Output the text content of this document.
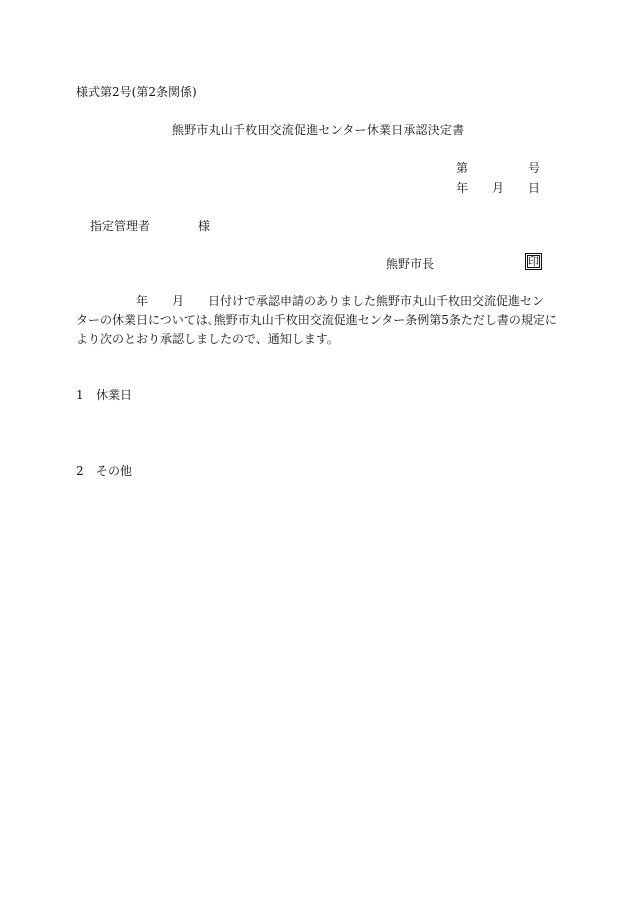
様式第2号(第2条関係)
熊野市丸山千枚田交流促進センター休業日承認決定書
第	号
年 月 日
指定管理者	様
熊野市長	印
年 月 日付けで承認申請のありました熊野市丸山千枚田交流促進セン
ターの休業日については､熊野市丸山千枚田交流促進センター条例第5条ただし書の規定に
より次のとおり承認しましたので、通知します。
1 休業日
2 その他
